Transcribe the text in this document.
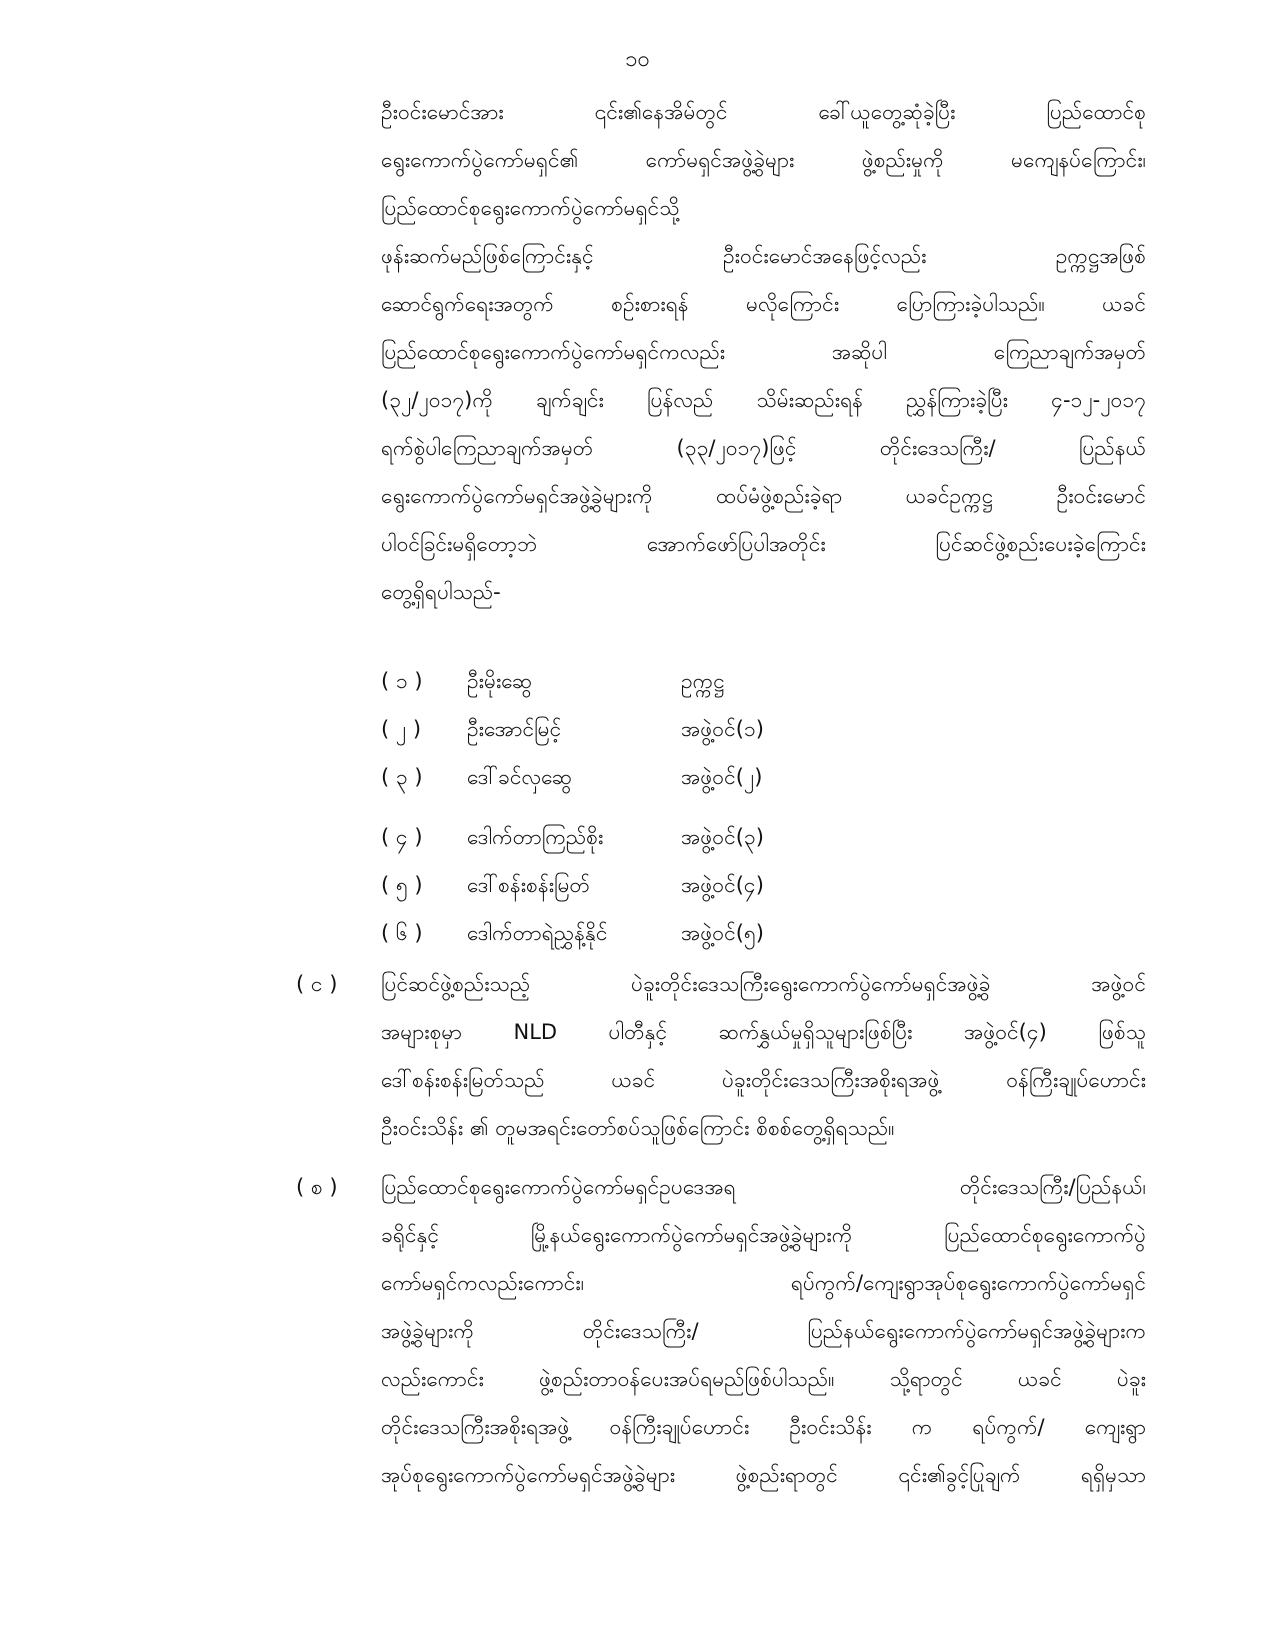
၁၀
ဦးဝင်းမောင်အား ၎င်း၏နေအိမ်တွင် ခေါ်ယူတွေ့ဆုံခဲ့ပြီး ပြည်ထောင်စု
ရွေးကောက်ပွဲကော်မရှင်၏ ကော်မရှင်အဖွဲ့ခွဲများ ဖွဲ့စည်းမှုကို မကျေနပ်ကြောင်း၊
ပြည်ထောင်စုရွေးကောက်ပွဲကော်မရှင်သို့
ဖုန်းဆက်မည်ဖြစ်ကြောင်းနှင့် ဦးဝင်းမောင်အနေဖြင့်လည်း ဥက္ကဋ္ဌအဖြစ်
ဆောင်ရွက်ရေးအတွက် စဉ်းစားရန် မလိုကြောင်း ပြောကြားခဲ့ပါသည်။ ယခင်
ပြည်ထောင်စုရွေးကောက်ပွဲကော်မရှင်ကလည်း အဆိုပါ ကြေညာချက်အမှတ်
(၃၂/၂၀၁၇)ကို ချက်ချင်း ပြန်လည် သိမ်းဆည်းရန် ညွှန်ကြားခဲ့ပြီး ၄-၁၂-၂၀၁၇
ရက်စွဲပါကြေညာချက်အမှတ် (၃၃/၂၀၁၇)ဖြင့် တိုင်းဒေသကြီး/ ပြည်နယ်
ရွေးကောက်ပွဲကော်မရှင်အဖွဲ့ခွဲများကို ထပ်မံဖွဲ့စည်းခဲ့ရာ ယခင်ဥက္ကဋ္ဌ ဦးဝင်းမောင်
ပါဝင်ခြင်းမရှိတော့ဘဲ အောက်ဖော်ပြပါအတိုင်း ပြင်ဆင်ဖွဲ့စည်းပေးခဲ့ကြောင်း
တွေ့ရှိရပါသည်-
( ၁ ) ဦးမိုးဆွေ	ဥက္ကဋ္ဌ
( ၂ ) ဦးအောင်မြင့်	အဖွဲ့ဝင်(၁)
( ၃ ) ဒေါ်ခင်လှဆွေ	အဖွဲ့ဝင်(၂)
( ၄ ) ဒေါက်တာကြည်စိုး	အဖွဲ့ဝင်(၃)
( ၅ ) ဒေါ်စန်းစန်းမြတ်	အဖွဲ့ဝင်(၄)
( ၆ ) ဒေါက်တာရဲညွှန့်နိုင်	အဖွဲ့ဝင်(၅)
( င ) ပြင်ဆင်ဖွဲ့စည်းသည့် ပဲခူးတိုင်းဒေသကြီးရွေးကောက်ပွဲကော်မရှင်အဖွဲ့ခွဲ အဖွဲ့ဝင်
အများစုမှာ NLD ပါတီနှင့် ဆက်နွှယ်မှုရှိသူများဖြစ်ပြီး အဖွဲ့ဝင်(၄) ဖြစ်သူ
ဒေါ်စန်းစန်းမြတ်သည် ယခင် ပဲခူးတိုင်းဒေသကြီးအစိုးရအဖွဲ့ ဝန်ကြီးချုပ်ဟောင်း
ဦးဝင်းသိန်း ၏ တူမအရင်းတော်စပ်သူဖြစ်ကြောင်း စိစစ်တွေ့ရှိရသည်။
( စ ) ပြည်ထောင်စုရွေးကောက်ပွဲကော်မရှင်ဥပဒေအရ တိုင်းဒေသကြီး/ပြည်နယ်၊
ခရိုင်နှင့် မြို့နယ်ရွေးကောက်ပွဲကော်မရှင်အဖွဲ့ခွဲများကို ပြည်ထောင်စုရွေးကောက်ပွဲ
ကော်မရှင်ကလည်းကောင်း၊ ရပ်ကွက်/ကျေးရွာအုပ်စုရွေးကောက်ပွဲကော်မရှင်
အဖွဲ့ခွဲများကို တိုင်းဒေသကြီး/ ပြည်နယ်ရွေးကောက်ပွဲကော်မရှင်အဖွဲ့ခွဲများက
လည်းကောင်း ဖွဲ့စည်းတာဝန်ပေးအပ်ရမည်ဖြစ်ပါသည်။ သို့ရာတွင် ယခင် ပဲခူး
တိုင်းဒေသကြီးအစိုးရအဖွဲ့ ဝန်ကြီးချုပ်ဟောင်း ဦးဝင်းသိန်း က ရပ်ကွက်/ ကျေးရွာ
အုပ်စုရွေးကောက်ပွဲကော်မရှင်အဖွဲ့ခွဲများ ဖွဲ့စည်းရာတွင် ၎င်း၏ခွင့်ပြုချက် ရရှိမှသာ
